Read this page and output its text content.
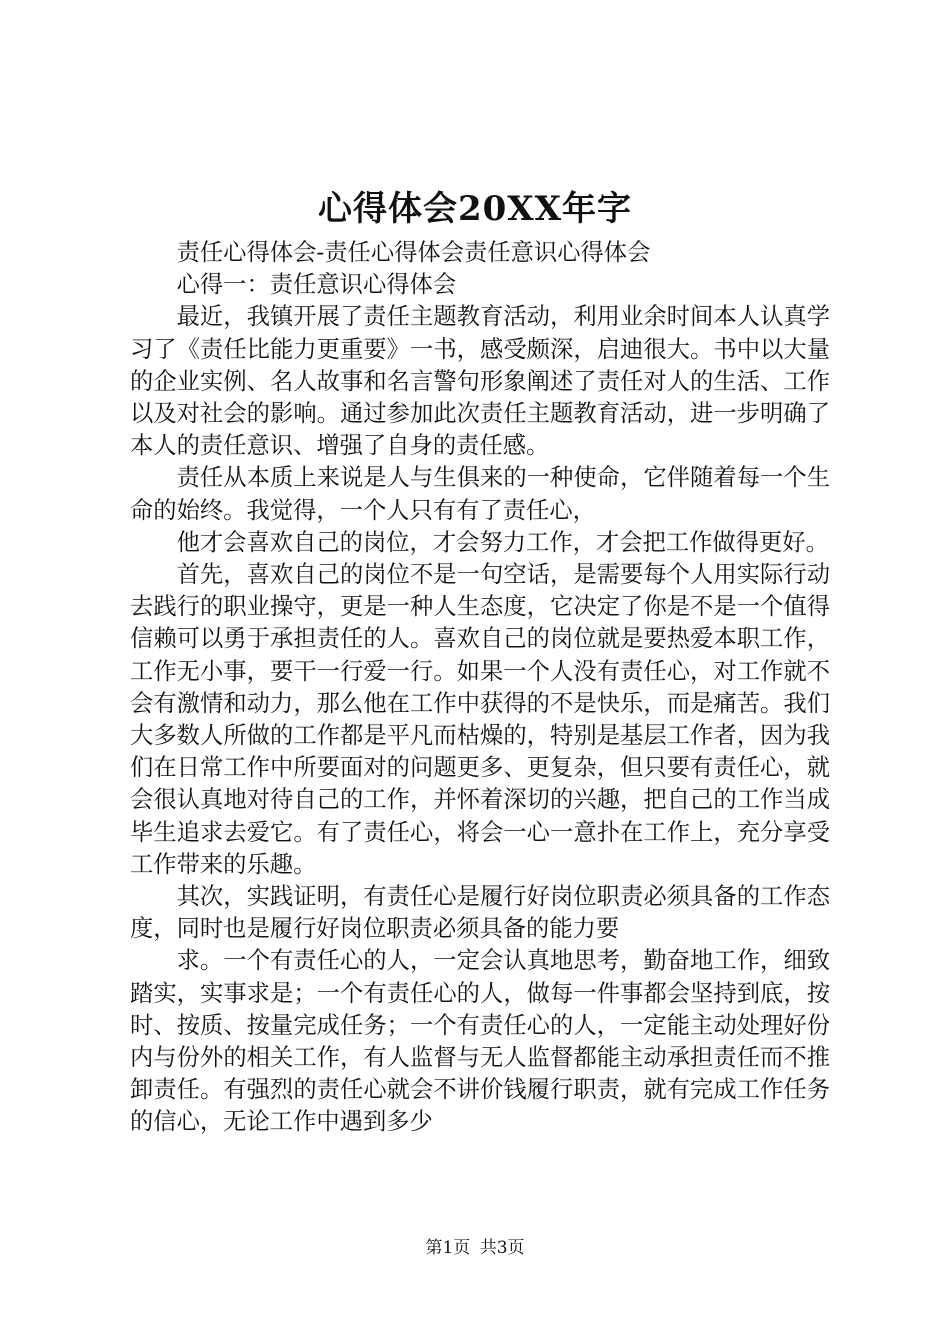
心得体会20XX年字

责任心得体会-责任心得体会责任意识心得体会

心得一：责任意识心得体会

最近，我镇开展了责任主题教育活动，利用业余时间本人认真学习了《责任比能力更重要》一书，感受颇深，启迪很大。书中以大量的企业实例、名人故事和名言警句形象阐述了责任对人的生活、工作以及对社会的影响。通过参加此次责任主题教育活动，进一步明确了本人的责任意识、增强了自身的责任感。

责任从本质上来说是人与生俱来的一种使命，它伴随着每一个生命的始终。我觉得，一个人只有有了责任心，

他才会喜欢自己的岗位，才会努力工作，才会把工作做得更好。

首先，喜欢自己的岗位不是一句空话，是需要每个人用实际行动去践行的职业操守，更是一种人生态度，它决定了你是不是一个值得信赖可以勇于承担责任的人。喜欢自己的岗位就是要热爱本职工作，工作无小事，要干一行爱一行。如果一个人没有责任心，对工作就不会有激情和动力，那么他在工作中获得的不是快乐，而是痛苦。我们大多数人所做的工作都是平凡而枯燥的，特别是基层工作者，因为我们在日常工作中所要面对的问题更多、更复杂，但只要有责任心，就会很认真地对待自己的工作，并怀着深切的兴趣，把自己的工作当成毕生追求去爱它。有了责任心，将会一心一意扑在工作上，充分享受工作带来的乐趣。

其次，实践证明，有责任心是履行好岗位职责必须具备的工作态度，同时也是履行好岗位职责必须具备的能力要

求。一个有责任心的人，一定会认真地思考，勤奋地工作，细致踏实，实事求是；一个有责任心的人，做每一件事都会坚持到底，按时、按质、按量完成任务；一个有责任心的人，一定能主动处理好份内与份外的相关工作，有人监督与无人监督都能主动承担责任而不推卸责任。有强烈的责任心就会不讲价钱履行职责，就有完成工作任务的信心，无论工作中遇到多少

第1页 共3页
